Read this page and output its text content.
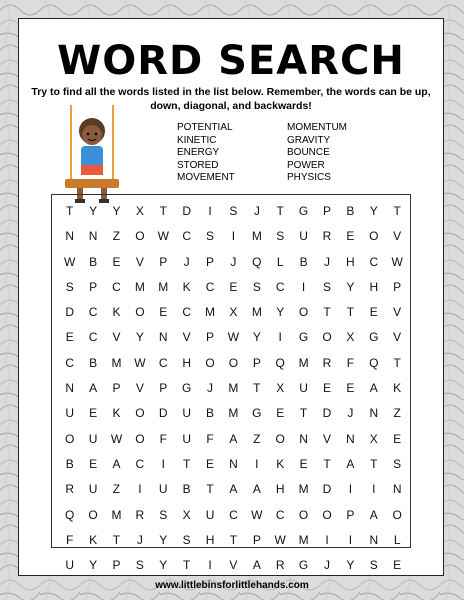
WORD SEARCH
Try to find all the words listed in the list below. Remember, the words can be up, down, diagonal, and backwards!
POTENTIAL	MOMENTUM
KINETIC	GRAVITY
ENERGY	BOUNCE
STORED	POWER
MOVEMENT	PHYSICS
T	Y	Y	X	T	D	I	S	J	T	G	P	B	Y	T
N	N	Z	O	W	C	S	I	M	S	U	R	E	O	V
W	B	E	V	P	J	P	J	Q	L	B	J	H	C	W
S	P	C	M	M	K	C	E	S	C	I	S	Y	H	P
D	C	K	O	E	C	M	X	M	Y	O	T	T	E	V
E	C	V	Y	N	V	P	W	Y	I	G	O	X	G	V
C	B	M	W	C	H	O	O	P	Q	M	R	F	Q	T
N	A	P	V	P	G	J	M	T	X	U	E	E	A	K
U	E	K	O	D	U	B	M	G	E	T	D	J	N	Z
O	U	W	O	F	U	F	A	Z	O	N	V	N	X	E
B	E	A	C	I	T	E	N	I	K	E	T	A	T	S
R	U	Z	I	U	B	T	A	A	H	M	D	I	I	N
Q	O	M	R	S	X	U	C	W	C	O	O	P	A	O
F	K	T	J	Y	S	H	T	P	W	M	I	I	N	L
U	Y	P	S	Y	T	I	V	A	R	G	J	Y	S	E
www.littlebinsforlittlehands.com
